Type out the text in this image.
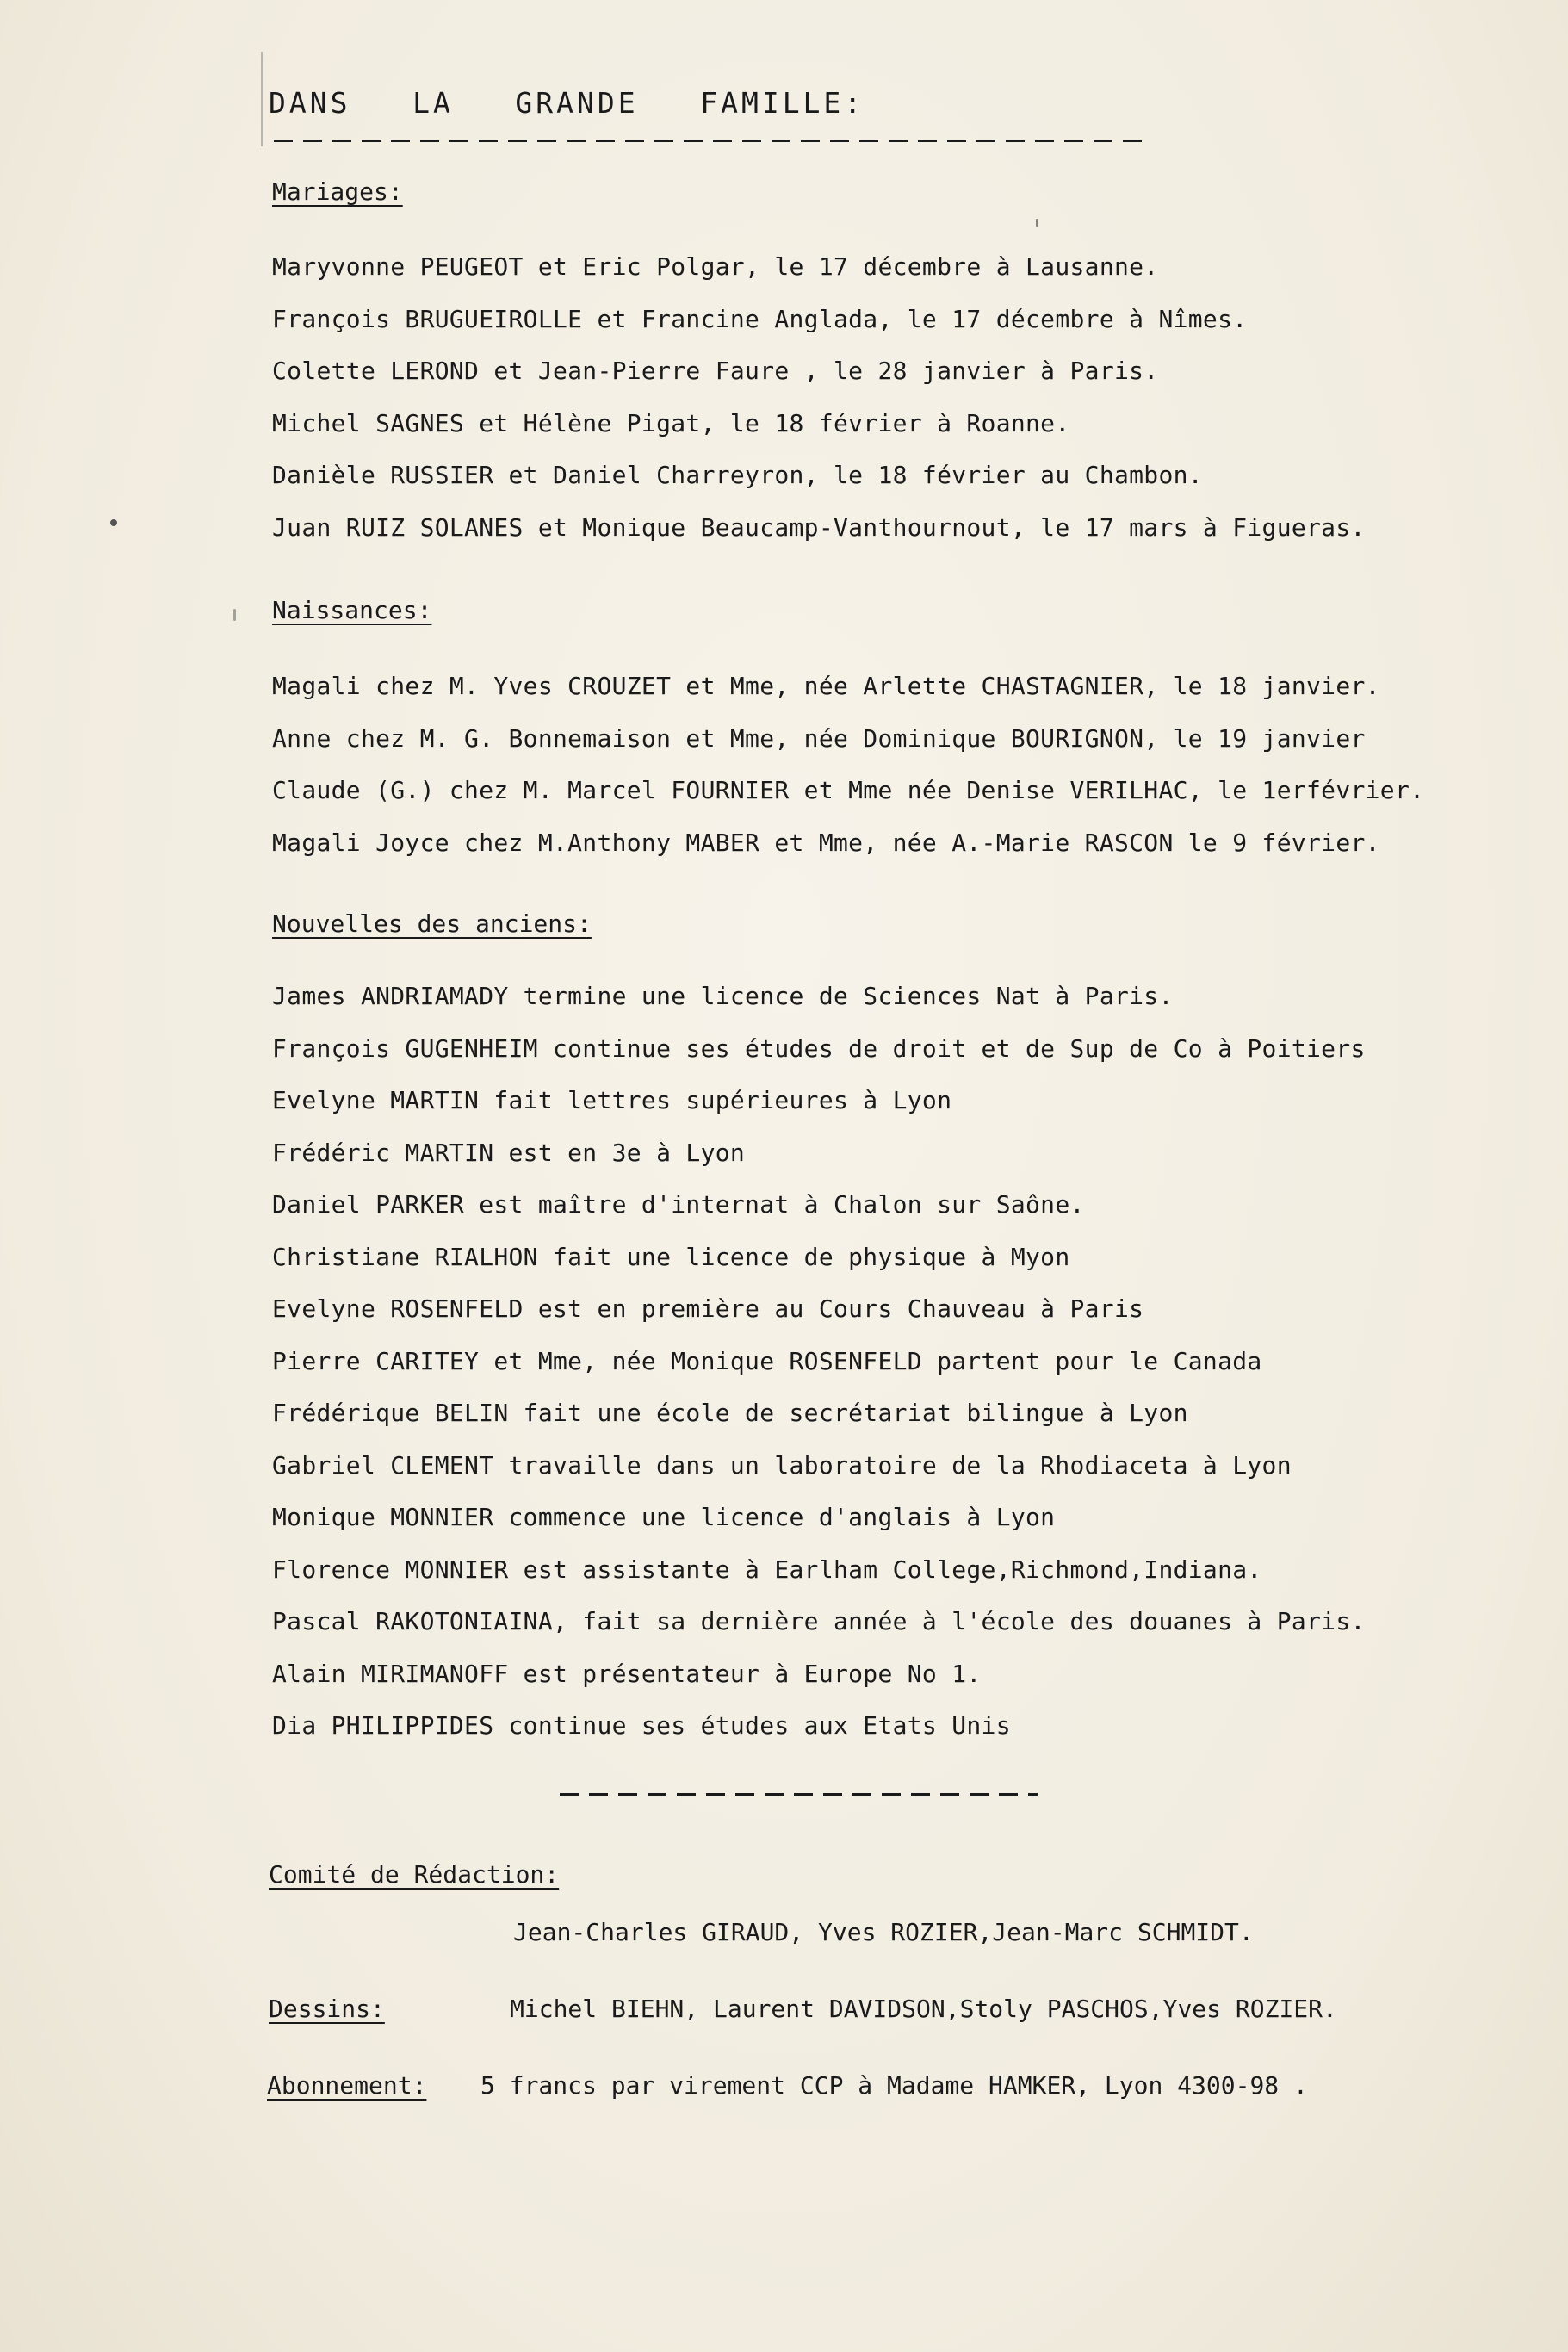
DANS   LA   GRANDE   FAMILLE:
Mariages:
Maryvonne PEUGEOT et Eric Polgar, le 17 décembre à Lausanne.
François BRUGUEIROLLE et Francine Anglada, le 17 décembre à Nîmes.
Colette LEROND et Jean-Pierre Faure , le 28 janvier à Paris.
Michel SAGNES et Hélène Pigat, le 18 février à Roanne.
Danièle RUSSIER et Daniel Charreyron, le 18 février au Chambon.
Juan RUIZ SOLANES et Monique Beaucamp-Vanthournout, le 17 mars à Figueras.
Naissances:
Magali chez M. Yves CROUZET et Mme, née Arlette CHASTAGNIER, le 18 janvier.
Anne chez M. G. Bonnemaison et Mme, née Dominique BOURIGNON, le 19 janvier
Claude (G.) chez M. Marcel FOURNIER et Mme née Denise VERILHAC, le 1erfévrier.
Magali Joyce chez M.Anthony MABER et Mme, née A.-Marie RASCON le 9 février.
Nouvelles des anciens:
James ANDRIAMADY termine une licence de Sciences Nat à Paris.
François GUGENHEIM continue ses études de droit et de Sup de Co à Poitiers
Evelyne MARTIN fait lettres supérieures à Lyon
Frédéric MARTIN est en 3e à Lyon
Daniel PARKER est maître d'internat à Chalon sur Saône.
Christiane RIALHON fait une licence de physique à Myon
Evelyne ROSENFELD est en première au Cours Chauveau à Paris
Pierre CARITEY et Mme, née Monique ROSENFELD partent pour le Canada
Frédérique BELIN fait une école de secrétariat bilingue à Lyon
Gabriel CLEMENT travaille dans un laboratoire de la Rhodiaceta à Lyon
Monique MONNIER commence une licence d'anglais à Lyon
Florence MONNIER est assistante à Earlham College,Richmond,Indiana.
Pascal RAKOTONIAINA, fait sa dernière année à l'école des douanes à Paris.
Alain MIRIMANOFF est présentateur à Europe No 1.
Dia PHILIPPIDES continue ses études aux Etats Unis
Comité de Rédaction:
Jean-Charles GIRAUD, Yves ROZIER,Jean-Marc SCHMIDT.
Dessins:	Michel BIEHN, Laurent DAVIDSON,Stoly PASCHOS,Yves ROZIER.
Abonnement: 5 francs par virement CCP à Madame HAMKER, Lyon 4300-98 .
